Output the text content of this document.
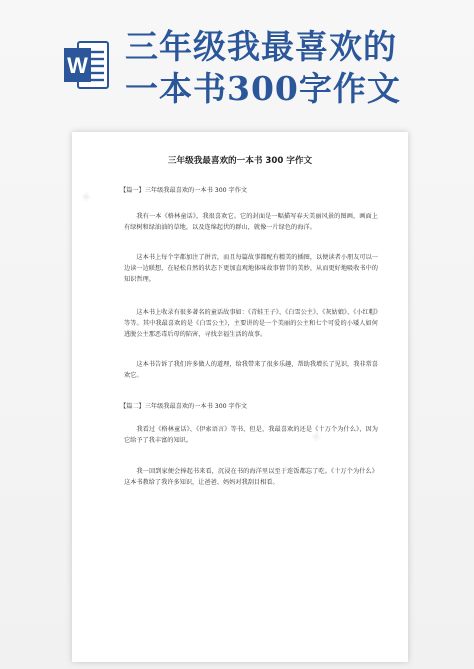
W 三年级我最喜欢的
一本书300字作文
▣
▣
三年级我最喜欢的一本书 300 字作文
【篇一】三年级我最喜欢的一本书 300 字作文

我有一本《格林童话》，我很喜欢它。它的封面是一幅描写春天美丽风景的图画，画面上有绿树和绿油油的草地，以及连绵起伏的群山，就像一片绿色的海洋。

这本书上每个字都加注了拼音，而且每篇故事都配有精美的插图，以便读者小朋友可以一边读一边联想，在轻松自然的状态下更加直观地体味故事情节的美妙，从而更好地吸收书中的知识哲理。

这本书上收录有很多著名的童话故事如：《青蛙王子》、《白雪公主》、《灰姑娘》、《小红帽》等等。其中我最喜欢的是《白雪公主》，主要讲的是一个美丽的公主和七个可爱的小矮人如何逃脱公主那恶毒后母的陷害，寻找幸福生活的故事。

这本书告诉了我们许多做人的道理，给我带来了很多乐趣，帮助我增长了见识，我非常喜欢它。

【篇二】三年级我最喜欢的一本书 300 字作文

我看过《格林童话》、《伊索语言》等书，但是，我最喜欢的还是《十万个为什么》，因为它给予了我丰富的知识。

我一回到家便会捧起书来看，沉浸在书的海洋里以至于连饭都忘了吃。《十万个为什么》这本书教给了我许多知识，让爸爸、妈妈对我刮目相看。
